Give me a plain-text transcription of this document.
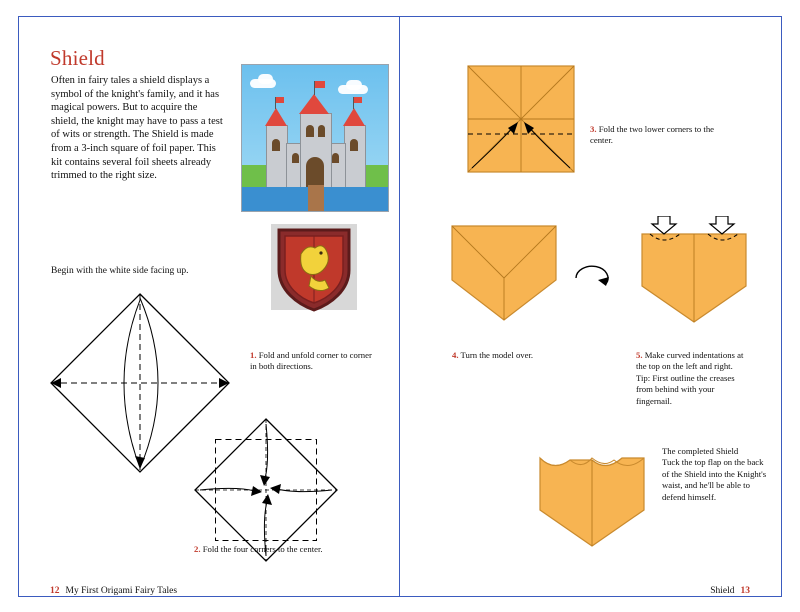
Shield
Often in fairy tales a shield displays a symbol of the knight's family, and it has magical powers. But to acquire the shield, the knight may have to pass a test of wits or strength. The Shield is made from a 3-inch square of foil paper. This kit contains several foil sheets already trimmed to the right size.
Begin with the white side facing up.
1. Fold and unfold corner to corner in both directions.
2. Fold the four corners to the center.
12 My First Origami Fairy Tales
3. Fold the two lower corners to the center.
4. Turn the model over.	5. Make curved indentations at the top on the left and right. Tip: First outline the creases from behind with your fingernail.
The completed Shield
Tuck the top flap on the back of the Shield into the Knight's waist, and he'll be able to defend himself.
Shield 13
